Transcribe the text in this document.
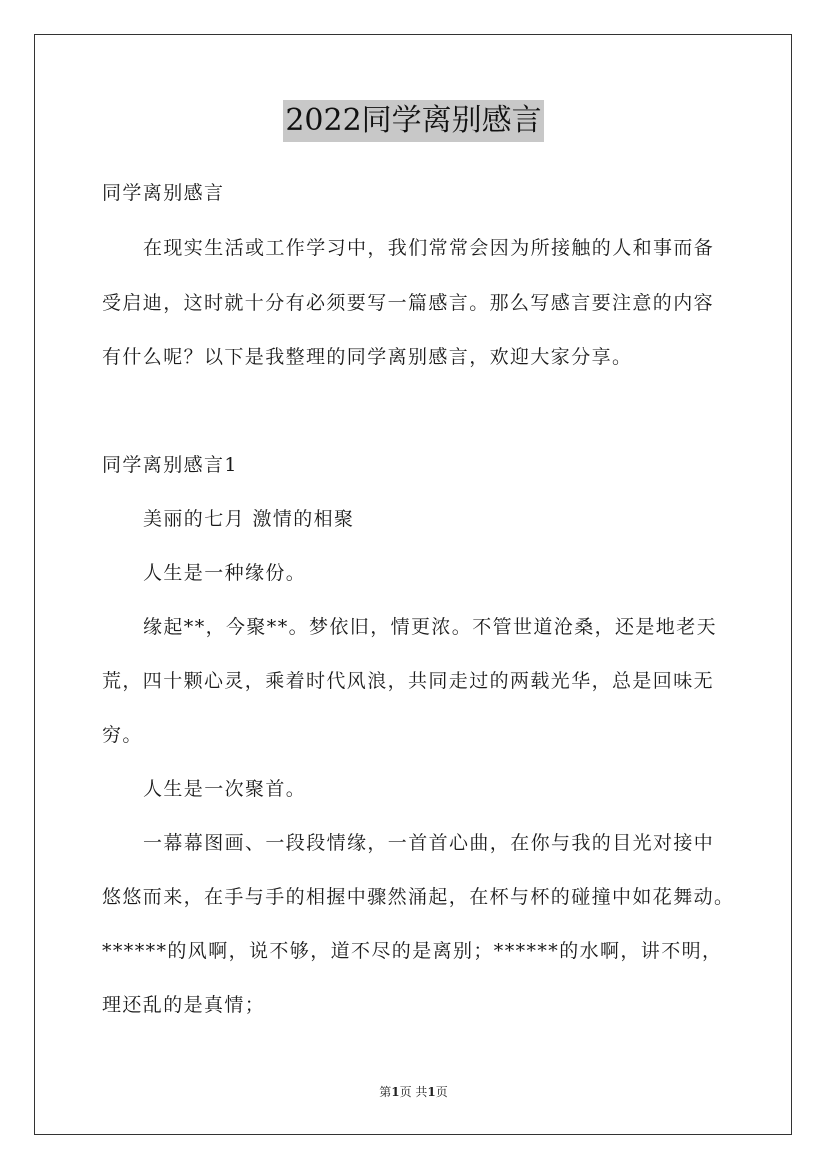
2022同学离别感言
同学离别感言
在现实生活或工作学习中，我们常常会因为所接触的人和事而备
受启迪，这时就十分有必须要写一篇感言。那么写感言要注意的内容
有什么呢？以下是我整理的同学离别感言，欢迎大家分享。
同学离别感言1
美丽的七月 激情的相聚
人生是一种缘份。
缘起**，今聚**。梦依旧，情更浓。不管世道沧桑，还是地老天
荒，四十颗心灵，乘着时代风浪，共同走过的两载光华，总是回味无
穷。
人生是一次聚首。
一幕幕图画、一段段情缘，一首首心曲，在你与我的目光对接中
悠悠而来，在手与手的相握中骤然涌起，在杯与杯的碰撞中如花舞动。
******的风啊，说不够，道不尽的是离别；******的水啊，讲不明，
理还乱的是真情；
第1页 共1页
